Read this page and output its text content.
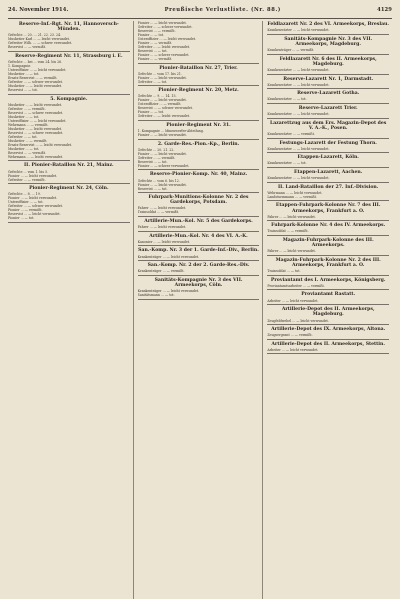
24. November 1914.	Preußische Verlustliste. (Nr. 88.)	4129
Reserve-Inf.-Rgt. Nr. 11, Hannoversch-Münden.
Gefechte ... 20. ... 21. 22. 23. 24.
Musketier Karl ... — leicht verwundet.
Gefreiter Wilh. ... — schwer verwundet.
Reservist ... — vermißt.
Reserve-Regiment Nr. 11, Strassburg i. E.
Gefechte ... bei ... vom 24. bis 26.
1. Kompagnie.
Unteroffizier ... — leicht verwundet.
Musketier ... — tot.
Ersatz-Reservist ... — vermißt.
Gefreiter ... — schwer verwundet.
Musketier ... — leicht verwundet.
Reservist ... — tot.
5. Kompagnie.
Musketier ... — leicht verwundet.
Gefreiter ... — vermißt.
Reservist ... — schwer verwundet.
Musketier ... — tot.
Unteroffizier ... — leicht verwundet.
Wehrmann ... — vermißt.
Musketier ... — leicht verwundet.
Reservist ... — schwer verwundet.
Gefreiter ... — tot.
Musketier ... — vermißt.
Ersatz-Reservist ... — leicht verwundet.
Musketier ... — tot.
Reservist ... — vermißt.
Wehrmann ... — leicht verwundet.
II. Pionier-Bataillon Nr. 21, Mainz.
Gefechte ... vom 1. bis 5.
Pionier ... — leicht verwundet.
Gefreiter ... — vermißt.
Pionier-Regiment Nr. 24, Cöln.
Gefechte ... 8. ... 19.
Pionier ... — leicht verwundet.
Unteroffizier ... — tot.
Gefreiter ... — schwer verwundet.
Pionier ... — vermißt.
Reservist ... — leicht verwundet.
Pionier ... — tot.
Pionier ... — leicht verwundet.
Gefreiter ... — schwer verwundet.
Reservist ... — vermißt.
Pionier ... — tot.
Unteroffizier ... — leicht verwundet.
Pionier ... — vermißt.
Gefreiter ... — leicht verwundet.
Reservist ... — tot.
Pionier ... — schwer verwundet.
Pionier ... — vermißt.
Pionier-Bataillon Nr. 27, Trier.
Gefechte ... vom 17. bis 21.
Pionier ... — leicht verwundet.
Gefreiter ... — tot.
Pionier-Regiment Nr. 20, Metz.
Gefechte ... 9. ... 14. 15.
Pionier ... — leicht verwundet.
Unteroffizier ... — vermißt.
Reservist ... — schwer verwundet.
Pionier ... — tot.
Gefreiter ... — leicht verwundet.
Pionier-Regiment Nr. 31.
1. Kompagnie ... Minenwerfer-Abteilung.
Pionier ... — leicht verwundet.
2. Garde-Res.-Pion.-Kp., Berlin.
Gefechte ... 20. 21. 22.
Pionier ... — leicht verwundet.
Gefreiter ... — vermißt.
Reservist ... — tot.
Pionier ... — schwer verwundet.
Reserve-Pionier-Komp. Nr. 40, Mainz.
Gefechte ... vom 6. bis 12.
Pionier ... — leicht verwundet.
Reservist ... — tot.
Fuhrpark-Munitions-Kolonne Nr. 2 des Gardekorps, Potsdam.
Fahrer ... — leicht verwundet.
Trainsoldat ... — vermißt.
Artillerie-Mun.-Kol. Nr. 5 des Gardekorps.
Fahrer ... — leicht verwundet.
Artillerie-Mun.-Kol. Nr. 4 des VI. A.-K.
Kanonier ... — leicht verwundet.
San.-Komp. Nr. 3 der 1. Garde-Inf.-Div., Berlin.
Krankenträger ... — leicht verwundet.
San.-Komp. Nr. 2 der 2. Garde-Res.-Div.
Krankenträger ... — vermißt.
Sanitäts-Kompagnie Nr. 3 des VII. Armeekorps, Cöln.
Krankenträger ... — leicht verwundet.
Sanitätsmann ... — tot.
Feldlazarett Nr. 2 des VI. Armeekorps, Breslau.
Krankenwärter ... — leicht verwundet.
Sanitäts-Kompagnie Nr. 3 des VII. Armeekorps, Magdeburg.
Krankenträger ... — vermißt.
Feldlazarett Nr. 6 des II. Armeekorps, Magdeburg.
Krankenwärter ... — leicht verwundet.
Reserve-Lazarett Nr. 1, Darmstadt.
Krankenwärter ... — leicht verwundet.
Reserve-Lazarett Gotha.
Krankenwärter ... — tot.
Reserve-Lazarett Trier.
Krankenwärter ... — leicht verwundet.
Lazarettzug aus dem Ers. Magazin-Depot des V. A.-K., Posen.
Krankenwärter ... — vermißt.
Festungs-Lazarett der Festung Thorn.
Krankenwärter ... — leicht verwundet.
Etappen-Lazarett, Köln.
Krankenwärter ... — tot.
Etappen-Lazarett, Aachen.
Krankenwärter ... — leicht verwundet.
II. Land-Bataillon der 27. Inf.-Division.
Wehrmann ... — leicht verwundet.
Landsturmmann ... — vermißt.
Etappen-Fuhrpark-Kolonne Nr. 7 des III. Armeekorps, Frankfurt a. O.
Fahrer ... — leicht verwundet.
Fuhrpark-Kolonne Nr. 4 des IV. Armeekorps.
Trainsoldat ... — vermißt.
Magazin-Fuhrpark-Kolonne des III. Armeekorps.
Fahrer ... — leicht verwundet.
Magazin-Fuhrpark-Kolonne Nr. 2 des III. Armeekorps, Frankfurt a. O.
Trainsoldat ... — tot.
Proviantamt des I. Armeekorps, Königsberg.
Proviantamtsarbeiter ... — vermißt.
Proviantamt Rastatt.
Arbeiter ... — leicht verwundet.
Artillerie-Depot des II. Armeekorps, Magdeburg.
Zeugfeldwebel ... — leicht verwundet.
Artillerie-Depot des IX. Armeekorps, Altona.
Zeugsergeant ... — vermißt.
Artillerie-Depot des II. Armeekorps, Stettin.
Arbeiter ... — leicht verwundet.
